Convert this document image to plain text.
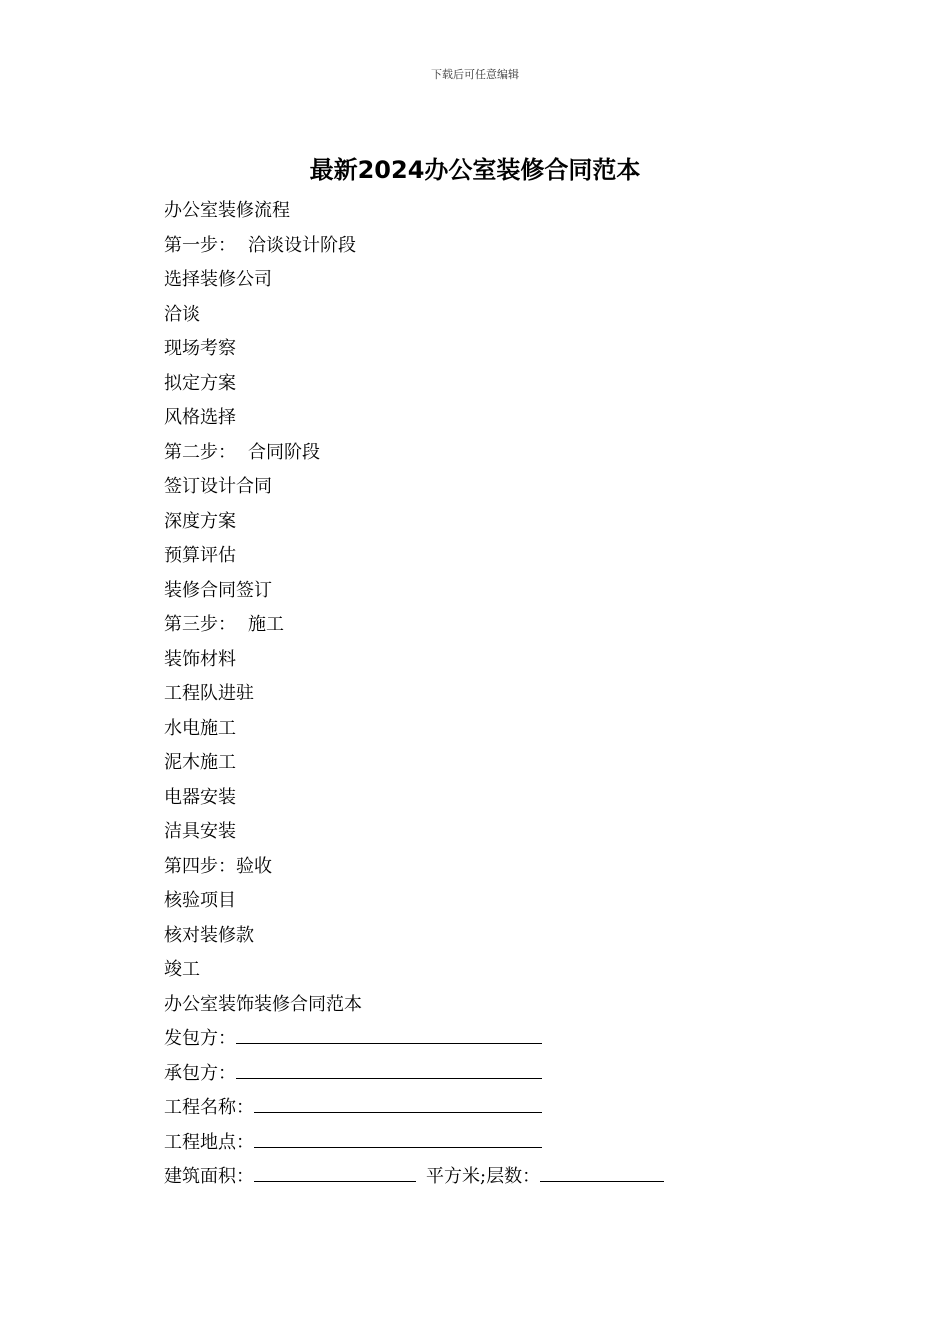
下载后可任意编辑
最新2024办公室装修合同范本
办公室装修流程
第一步： 洽谈设计阶段
选择装修公司
洽谈
现场考察
拟定方案
风格选择
第二步： 合同阶段
签订设计合同
深度方案
预算评估
装修合同签订
第三步： 施工
装饰材料
工程队进驻
水电施工
泥木施工
电器安装
洁具安装
第四步：验收
核验项目
核对装修款
竣工
办公室装饰装修合同范本
发包方：
承包方：
工程名称：
工程地点：
建筑面积：	平方米;层数：
